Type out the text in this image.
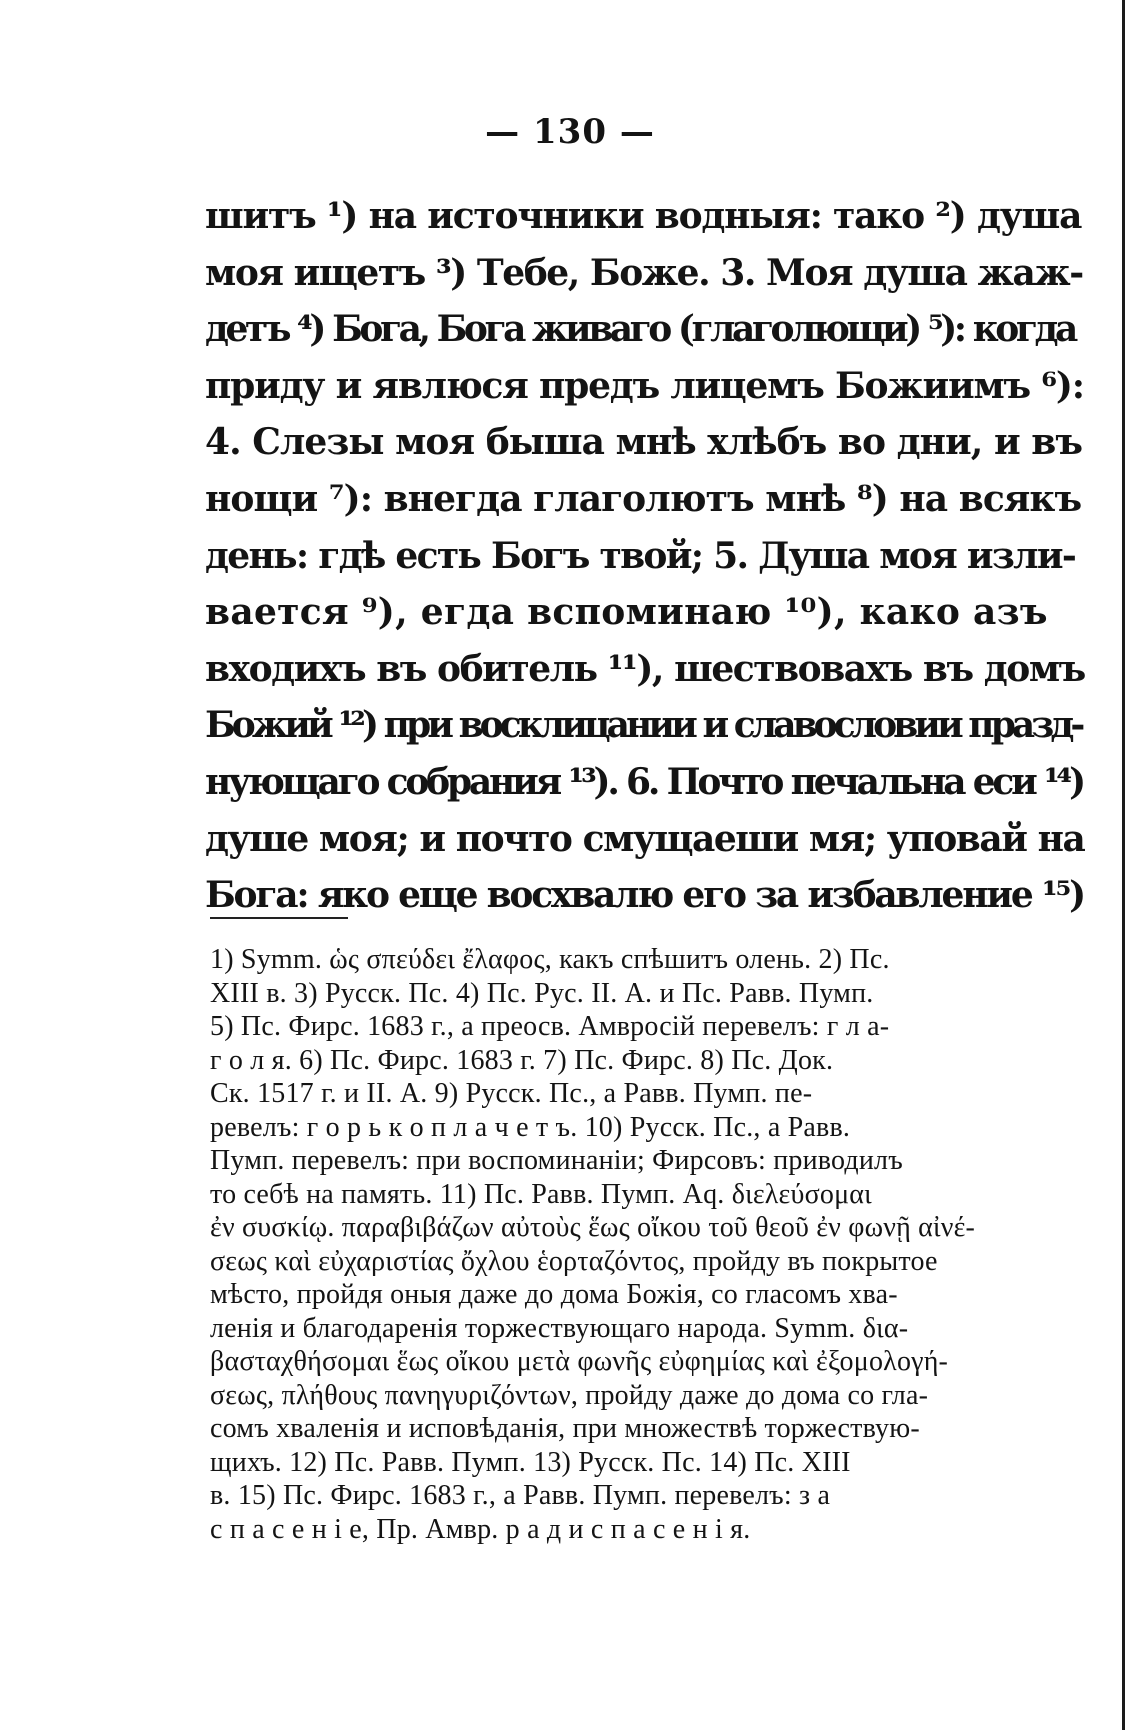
— 130 —
шитъ ¹) на источники водныя: тако ²) душа
моя ищетъ ³) Тебе, Боже. 3. Моя душа жаж-
детъ ⁴) Бога, Бога живаго (глаголющи) ⁵): когда
приду и явлюся предъ лицемъ Божиимъ ⁶):
4. Слезы моя быша мнѣ хлѣбъ во дни, и въ
нощи ⁷): внегда глаголютъ мнѣ ⁸) на всякъ
день: гдѣ есть Богъ твой; 5. Душа моя изли-
вается ⁹), егда вспоминаю ¹⁰), како азъ
входихъ въ обитель ¹¹), шествовахъ въ домъ
Божий ¹²) при восклицании и славословии празд-
нующаго собрания ¹³). 6. Почто печальна еси ¹⁴)
душе моя; и почто смущаеши мя; уповай на
Бога: яко еще восхвалю его за избавление ¹⁵)
1) Symm. ὡς σπεύδει ἔλαφος, какъ спѣшитъ олень. 2) Пс.
XIII в. 3) Русск. Пс. 4) Пс. Рус. II. А. и Пс. Равв. Пумп.
5) Пс. Фирс. 1683 г., а преосв. Амвросій перевелъ: г л а-
г о л я. 6) Пс. Фирс. 1683 г. 7) Пс. Фирс. 8) Пс. Док.
Ск. 1517 г. и II. А. 9) Русск. Пс., а Равв. Пумп. пе-
ревелъ: г о р ь к о п л а ч е т ъ. 10) Русск. Пс., а Равв.
Пумп. перевелъ: при воспоминаніи; Фирсовъ: приводилъ
то себѣ на память. 11) Пс. Равв. Пумп. Aq. διελεύσομαι
ἐν συσκίῳ. παραβιβάζων αὐτοὺς ἕως οἴκου τοῦ θεοῦ ἐν φωνῇ αἰνέ-
σεως καὶ εὐχαριστίας ὄχλου ἑορταζόντος, пройду въ покрытое
мѣсто, пройдя оныя даже до дома Божія, со гласомъ хва-
ленія и благодаренія торжествующаго народа. Symm. δια-
βασταχθήσομαι ἕως οἴκου μετὰ φωνῆς εὐφημίας καὶ ἐξομολογή-
σεως, πλήθους πανηγυριζόντων, пройду даже до дома со гла-
сомъ хваленія и исповѣданія, при множествѣ торжествую-
щихъ. 12) Пс. Равв. Пумп. 13) Русск. Пс. 14) Пс. XIII
в. 15) Пс. Фирс. 1683 г., а Равв. Пумп. перевелъ: з а
с п а с е н і е, Пр. Амвр. р а д и с п а с е н і я.
